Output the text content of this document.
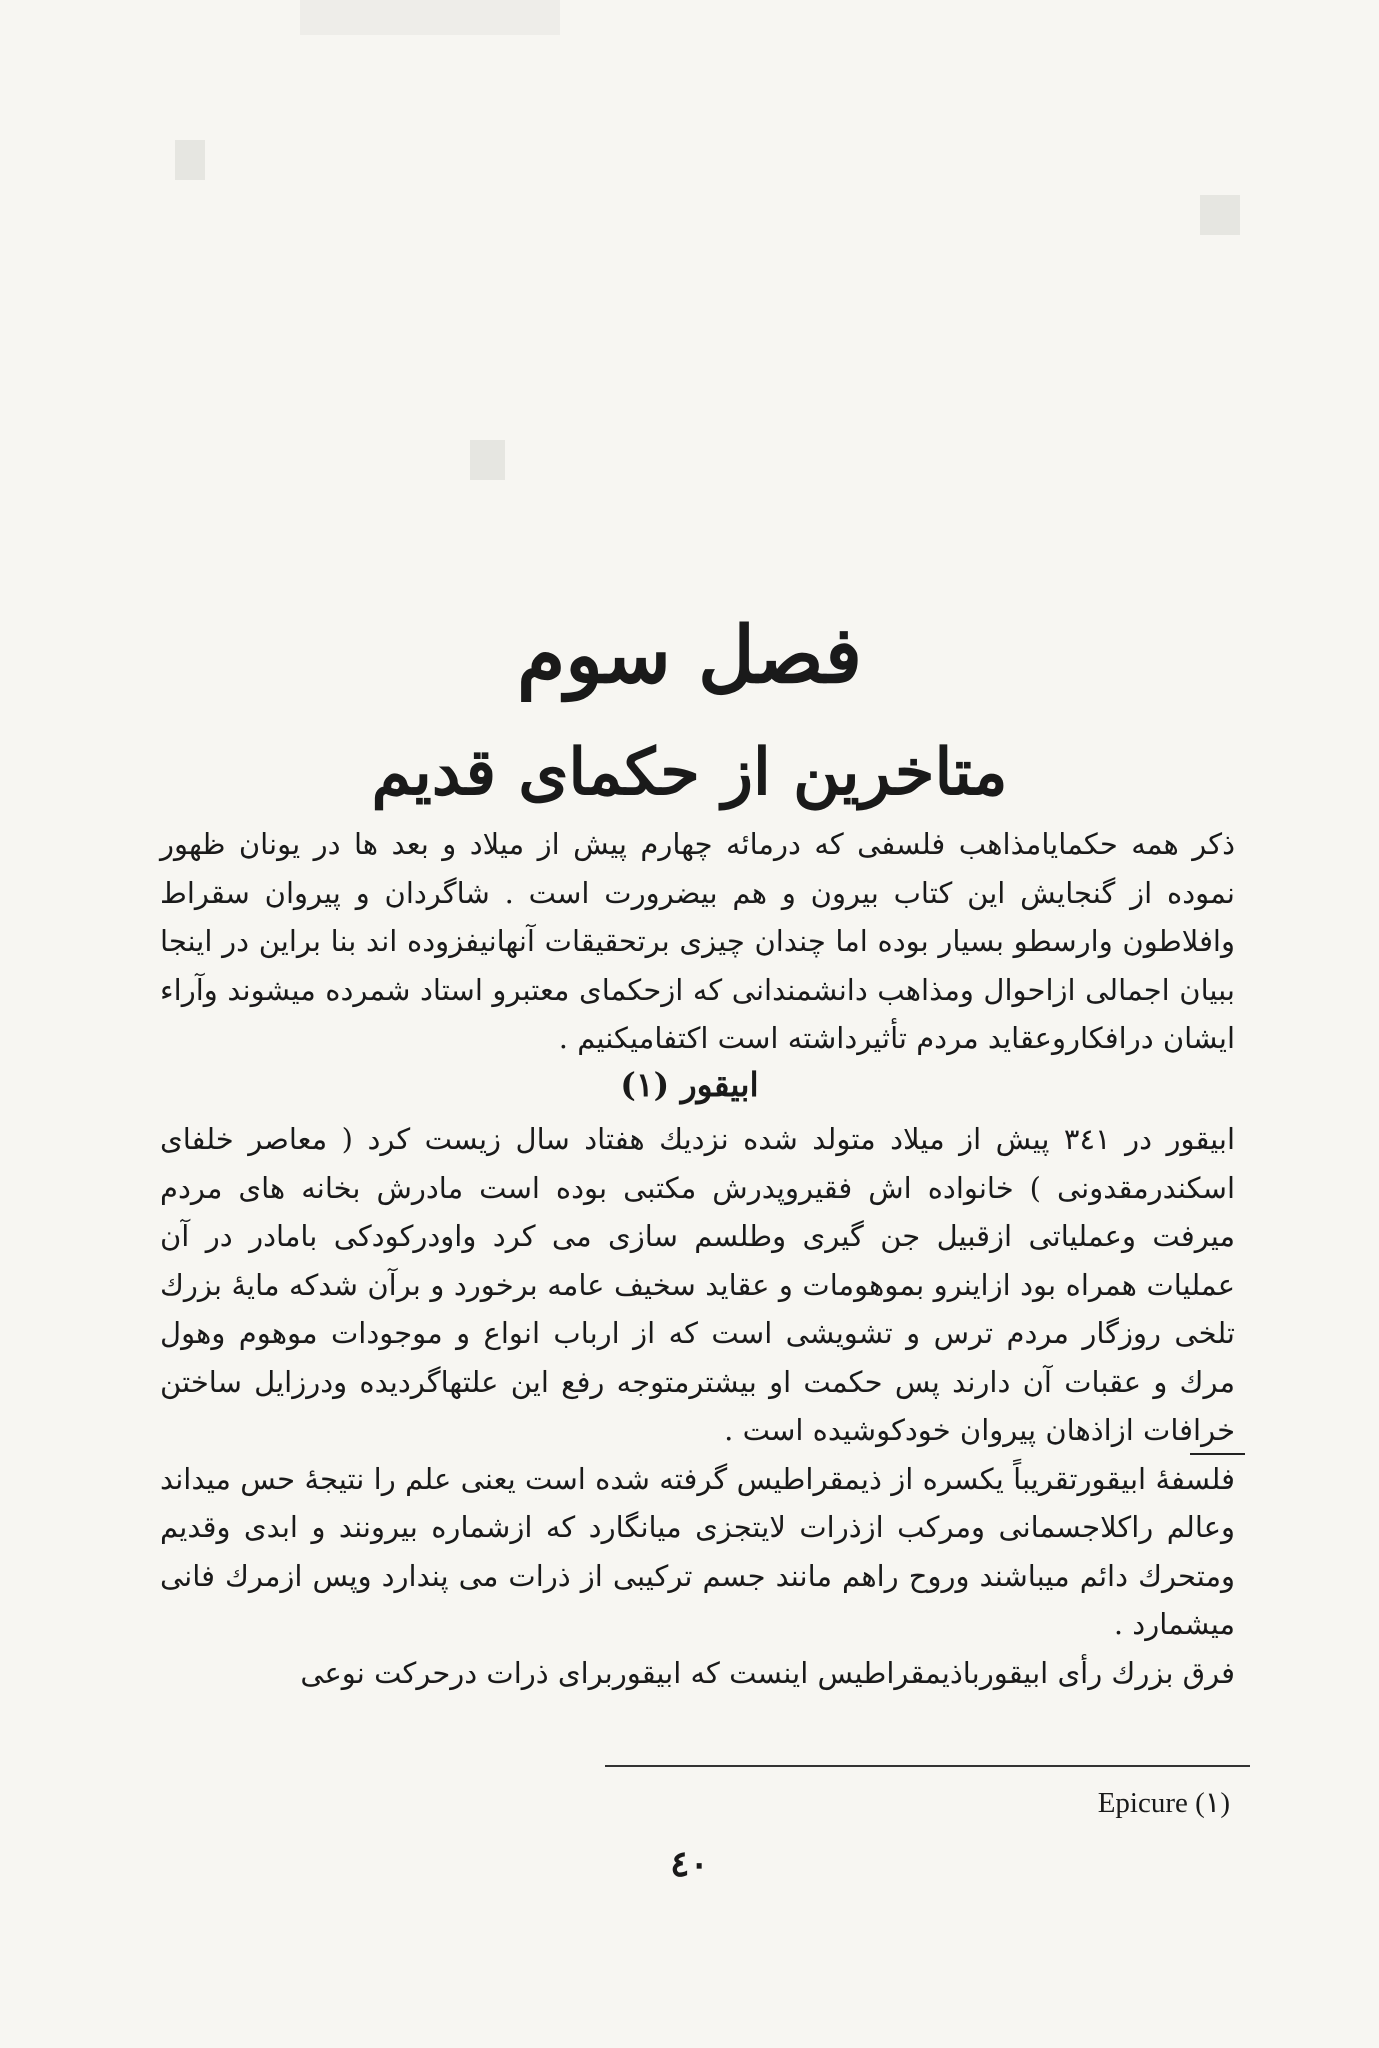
فصل سوم
متاخرین از حکمای قدیم

ذکر همه حکمایامذاهب فلسفی که درمائه چهارم پیش از میلاد و بعد ها در یونان ظهور نموده از گنجایش این کتاب بیرون و هم بیضرورت است . شاگردان و پیروان سقراط وافلاطون وارسطو بسیار بوده اما چندان چیزی برتحقیقات آنهانیفزوده اند بنا براین در اینجا ببیان اجمالی ازاحوال ومذاهب دانشمندانی که ازحکمای معتبرو استاد شمرده میشوند وآراء ایشان درافکاروعقاید مردم تأثیرداشته است اکتفامیکنیم .

ابیقور (۱)

ابیقور در ۳٤۱ پیش از میلاد متولد شده نزدیك هفتاد سال زیست کرد ( معاصر خلفای اسکندرمقدونی ) خانواده اش فقیروپدرش مکتبی بوده است مادرش بخانه های مردم میرفت وعملیاتی ازقبیل جن گیری وطلسم سازی می کرد واودرکودکی بامادر در آن عملیات همراه بود ازاینرو بموهومات و عقاید سخیف عامه برخورد و برآن شدکه مایهٔ بزرك تلخی روزگار مردم ترس و تشویشی است که از ارباب انواع و موجودات موهوم وهول مرك و عقبات آن دارند پس حکمت او بیشترمتوجه رفع این علتهاگردیده ودرزایل ساختن خرافات ازاذهان پیروان خودکوشیده است .

فلسفهٔ ابیقورتقریباً یکسره از ذیمقراطیس گرفته شده است یعنی علم را نتیجهٔ حس میداند وعالم راکلاجسمانی ومرکب ازذرات لایتجزی میانگارد که ازشماره بیرونند و ابدی وقدیم ومتحرك دائم میباشند وروح راهم مانند جسم ترکیبی از ذرات می پندارد وپس ازمرك فانی میشمارد .

فرق بزرك رأی ابیقورباذیمقراطیس اینست که ابیقوربرای ذرات درحرکت نوعی

Epicure (۱)
٤٠
